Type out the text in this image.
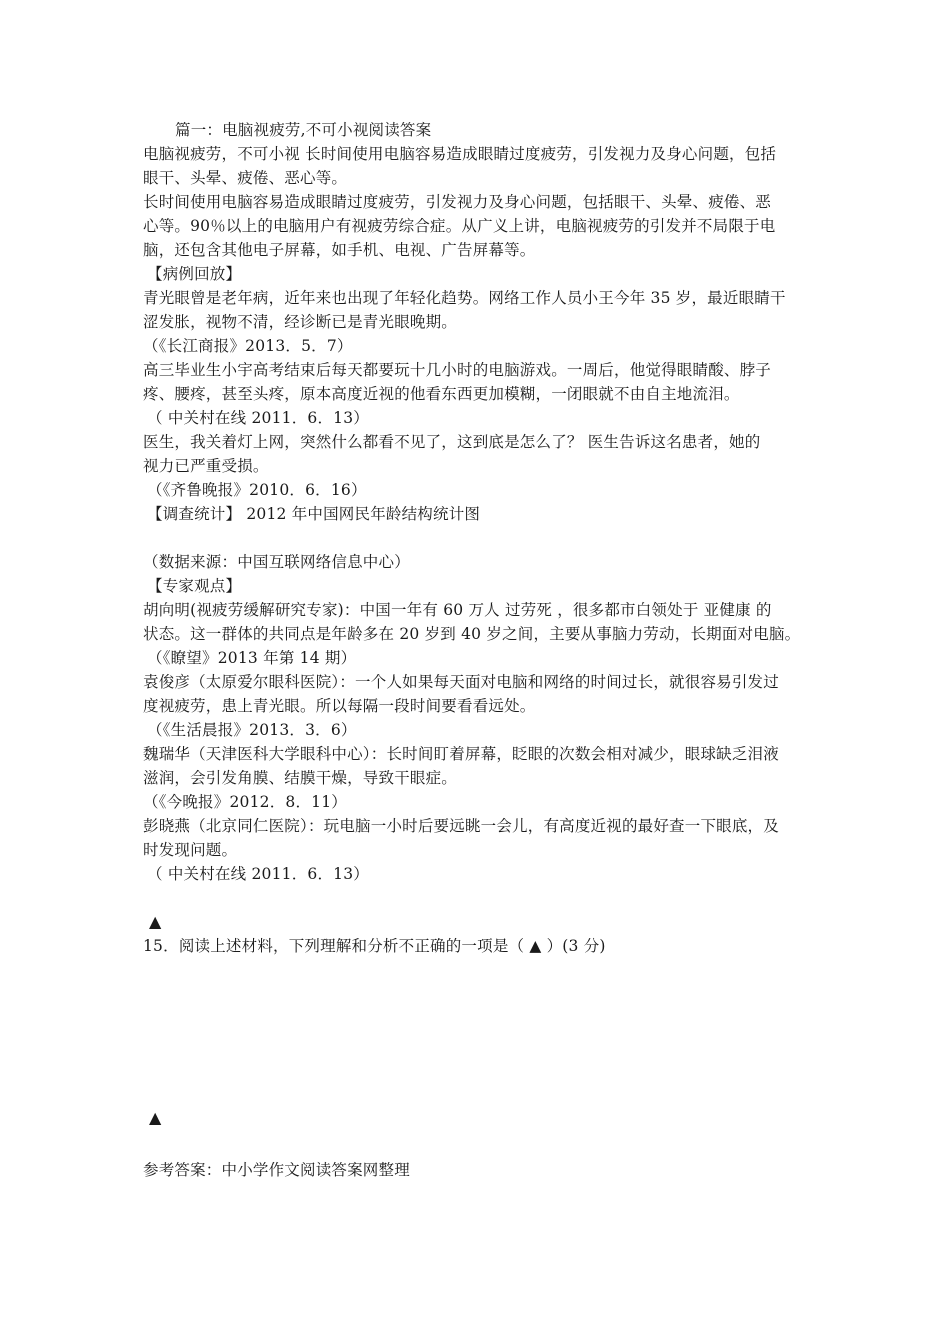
篇一：电脑视疲劳,不可小视阅读答案
电脑视疲劳，不可小视 长时间使用电脑容易造成眼睛过度疲劳，引发视力及身心问题，包括
眼干、头晕、疲倦、恶心等。
长时间使用电脑容易造成眼睛过度疲劳，引发视力及身心问题，包括眼干、头晕、疲倦、恶
心等。90％以上的电脑用户有视疲劳综合症。从广义上讲，电脑视疲劳的引发并不局限于电
脑，还包含其他电子屏幕，如手机、电视、广告屏幕等。
【病例回放】
青光眼曾是老年病，近年来也出现了年轻化趋势。网络工作人员小王今年 35 岁，最近眼睛干
涩发胀，视物不清，经诊断已是青光眼晚期。
（《长江商报》2013．5．7）
高三毕业生小宇高考结束后每天都要玩十几小时的电脑游戏。一周后，他觉得眼睛酸、脖子
疼、腰疼，甚至头疼，原本高度近视的他看东西更加模糊，一闭眼就不由自主地流泪。
（ 中关村在线 2011．6．13）
医生，我关着灯上网，突然什么都看不见了，这到底是怎么了？ 医生告诉这名患者，她的
视力已严重受损。
（《齐鲁晚报》2010．6．16）
【调查统计】 2012 年中国网民年龄结构统计图
（数据来源：中国互联网络信息中心）
【专家观点】
胡向明(视疲劳缓解研究专家)：中国一年有 60 万人 过劳死 ，很多都市白领处于 亚健康 的
状态。这一群体的共同点是年龄多在 20 岁到 40 岁之间，主要从事脑力劳动，长期面对电脑。
（《瞭望》2013 年第 14 期）
袁俊彦（太原爱尔眼科医院）：一个人如果每天面对电脑和网络的时间过长，就很容易引发过
度视疲劳，患上青光眼。所以每隔一段时间要看看远处。
（《生活晨报》2013．3．6）
魏瑞华（天津医科大学眼科中心）：长时间盯着屏幕，眨眼的次数会相对减少，眼球缺乏泪液
滋润，会引发角膜、结膜干燥，导致干眼症。
（《今晚报》2012．8．11）
彭晓燕（北京同仁医院）：玩电脑一小时后要远眺一会儿，有高度近视的最好查一下眼底，及
时发现问题。
（ 中关村在线 2011．6．13）
▲
15．阅读上述材料，下列理解和分析不正确的一项是（ ▲ ）(3 分)
▲
参考答案：中小学作文阅读答案网整理
